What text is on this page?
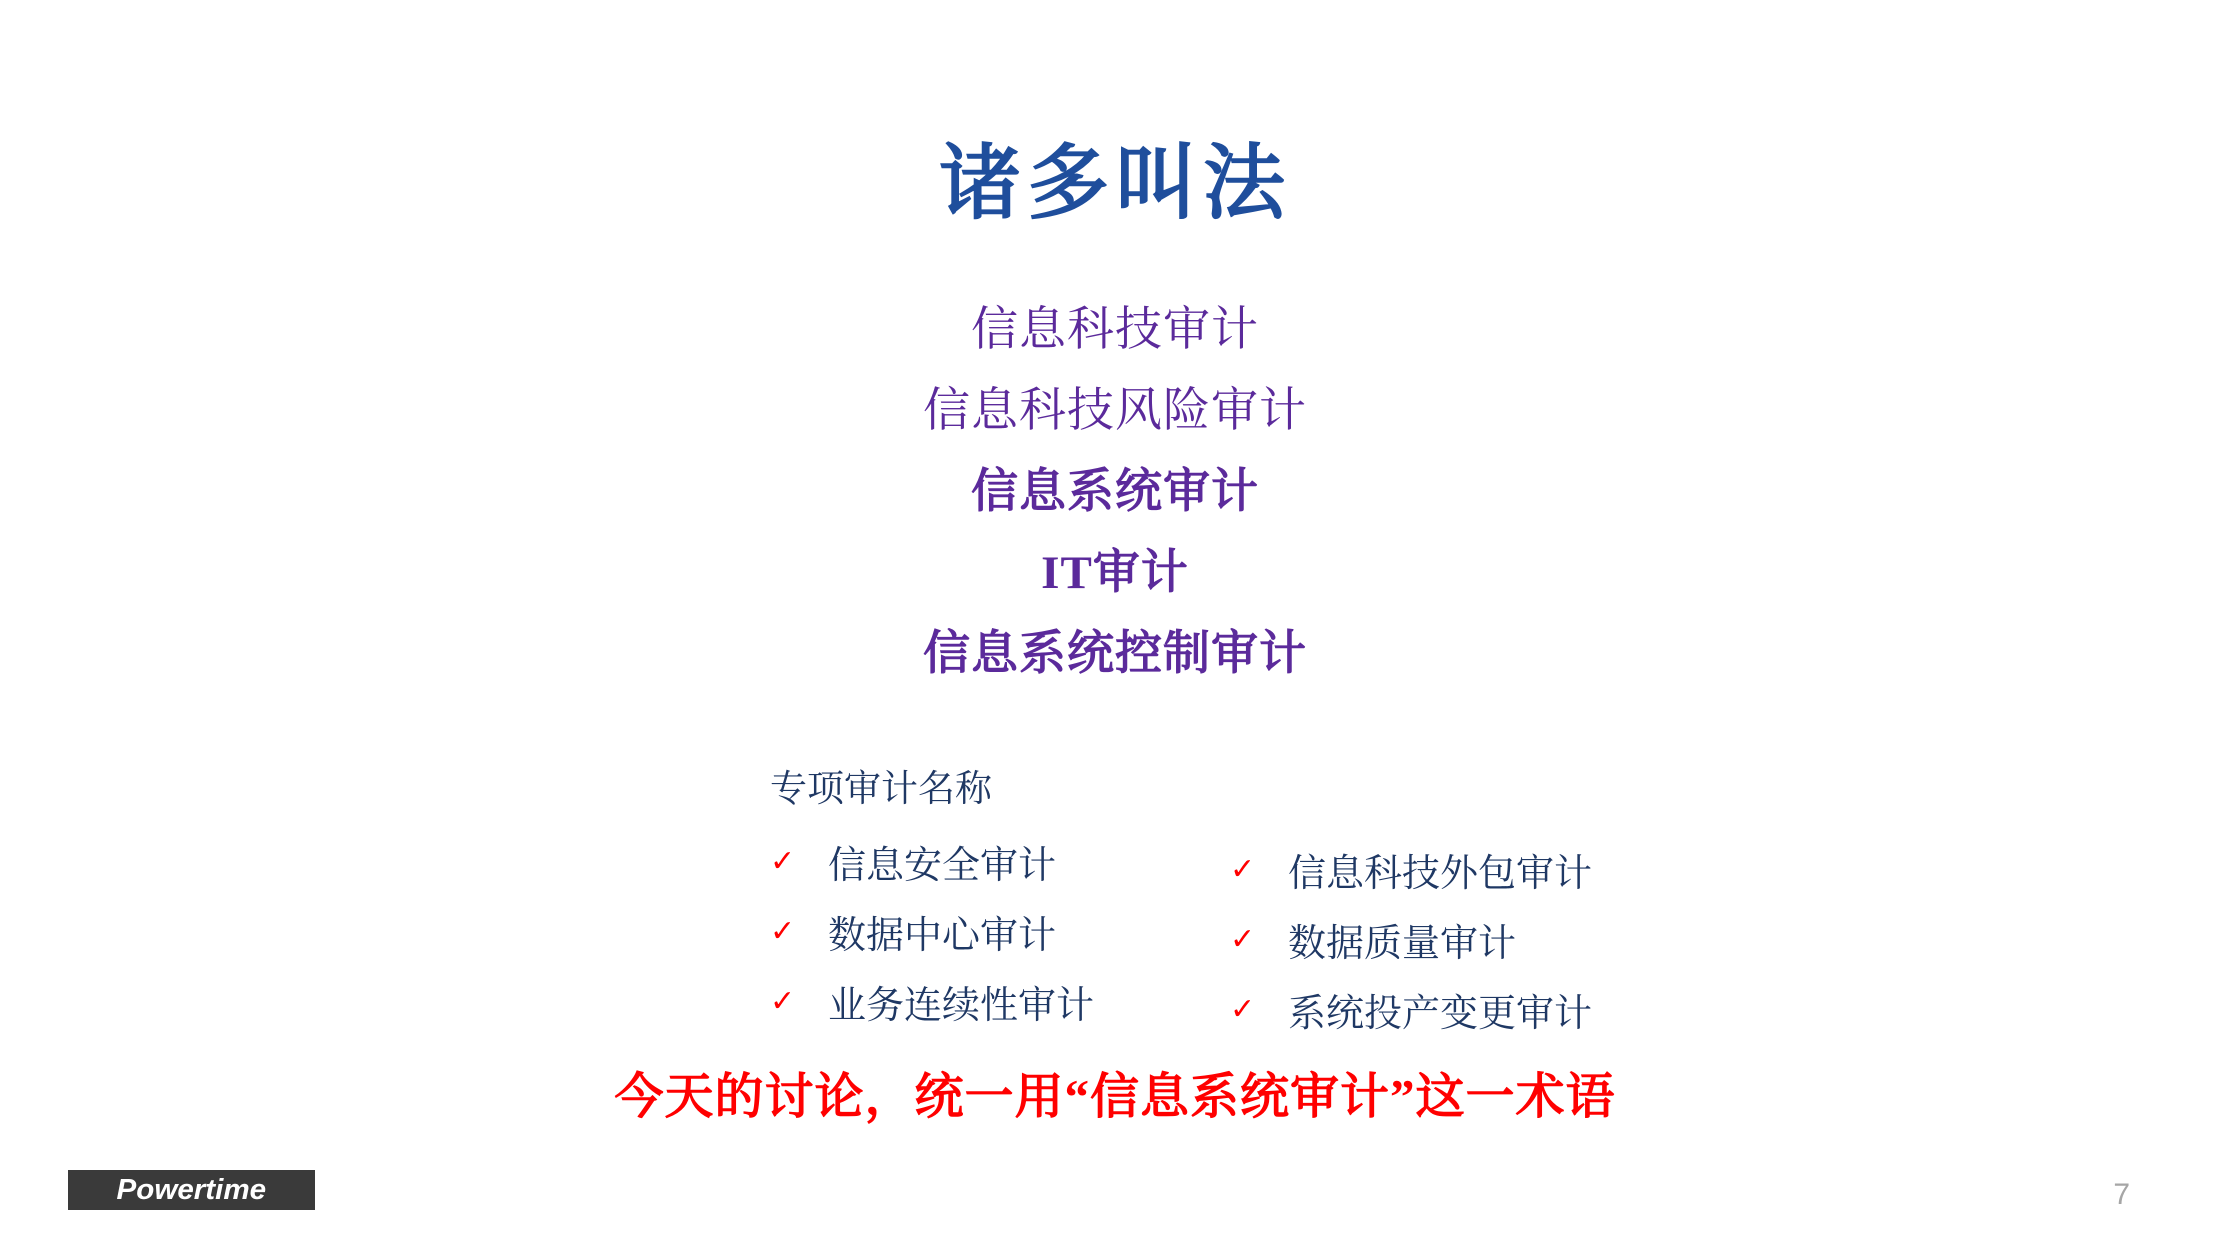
诸多叫法
信息科技审计
信息科技风险审计
信息系统审计
IT审计
信息系统控制审计
专项审计名称
✓ 信息安全审计
✓ 数据中心审计
✓ 业务连续性审计
✓ 信息科技外包审计
✓ 数据质量审计
✓ 系统投产变更审计
今天的讨论，统一用“信息系统审计”这一术语
Powertime	7
